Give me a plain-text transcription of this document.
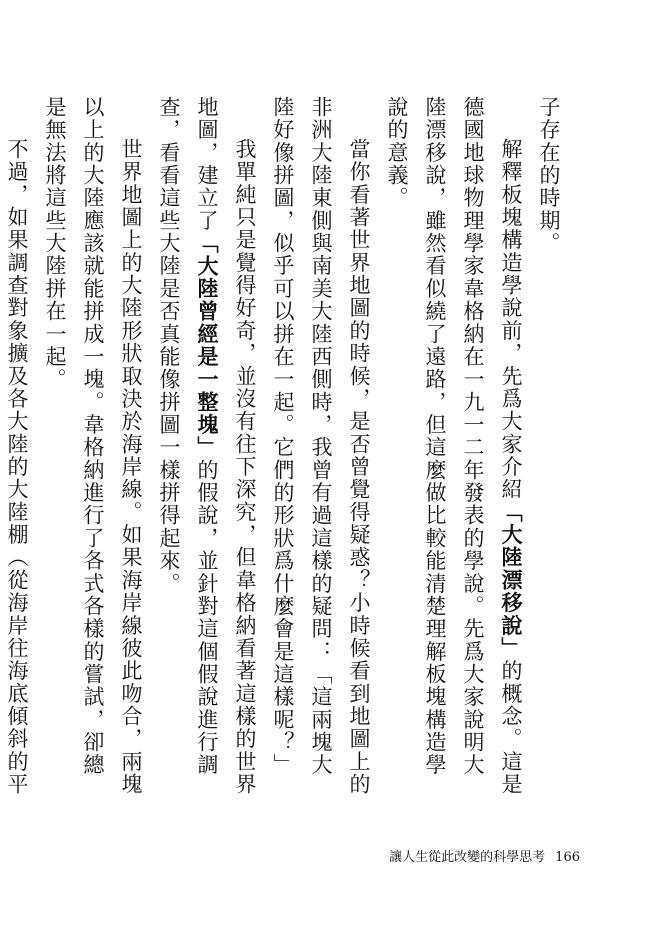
子存在的時期。

解釋板塊構造學說前，先爲大家介紹「大陸漂移說」的概念。這是德國地球物理學家韋格納在一九一二年發表的學說。先爲大家說明大陸漂移說，雖然看似繞了遠路，但這麼做比較能清楚理解板塊構造學說的意義。

當你看著世界地圖的時候，是否曾覺得疑惑？小時候看到地圖上的非洲大陸東側與南美大陸西側時，我曾有過這樣的疑問：「這兩塊大陸好像拼圖，似乎可以拼在一起。它們的形狀爲什麼會是這樣呢？」

我單純只是覺得好奇，並沒有往下深究，但韋格納看著這樣的世界地圖，建立了「大陸曾經是一整塊」的假說，並針對這個假說進行調查，看看這些大陸是否真能像拼圖一樣拼得起來。

世界地圖上的大陸形狀取決於海岸線。如果海岸線彼此吻合，兩塊以上的大陸應該就能拼成一塊。韋格納進行了各式各樣的嘗試，卻總是無法將這些大陸拼在一起。

不過，如果調查對象擴及各大陸的大陸棚（從海岸往海底傾斜的平

讓人生從此改變的科學思考 166
